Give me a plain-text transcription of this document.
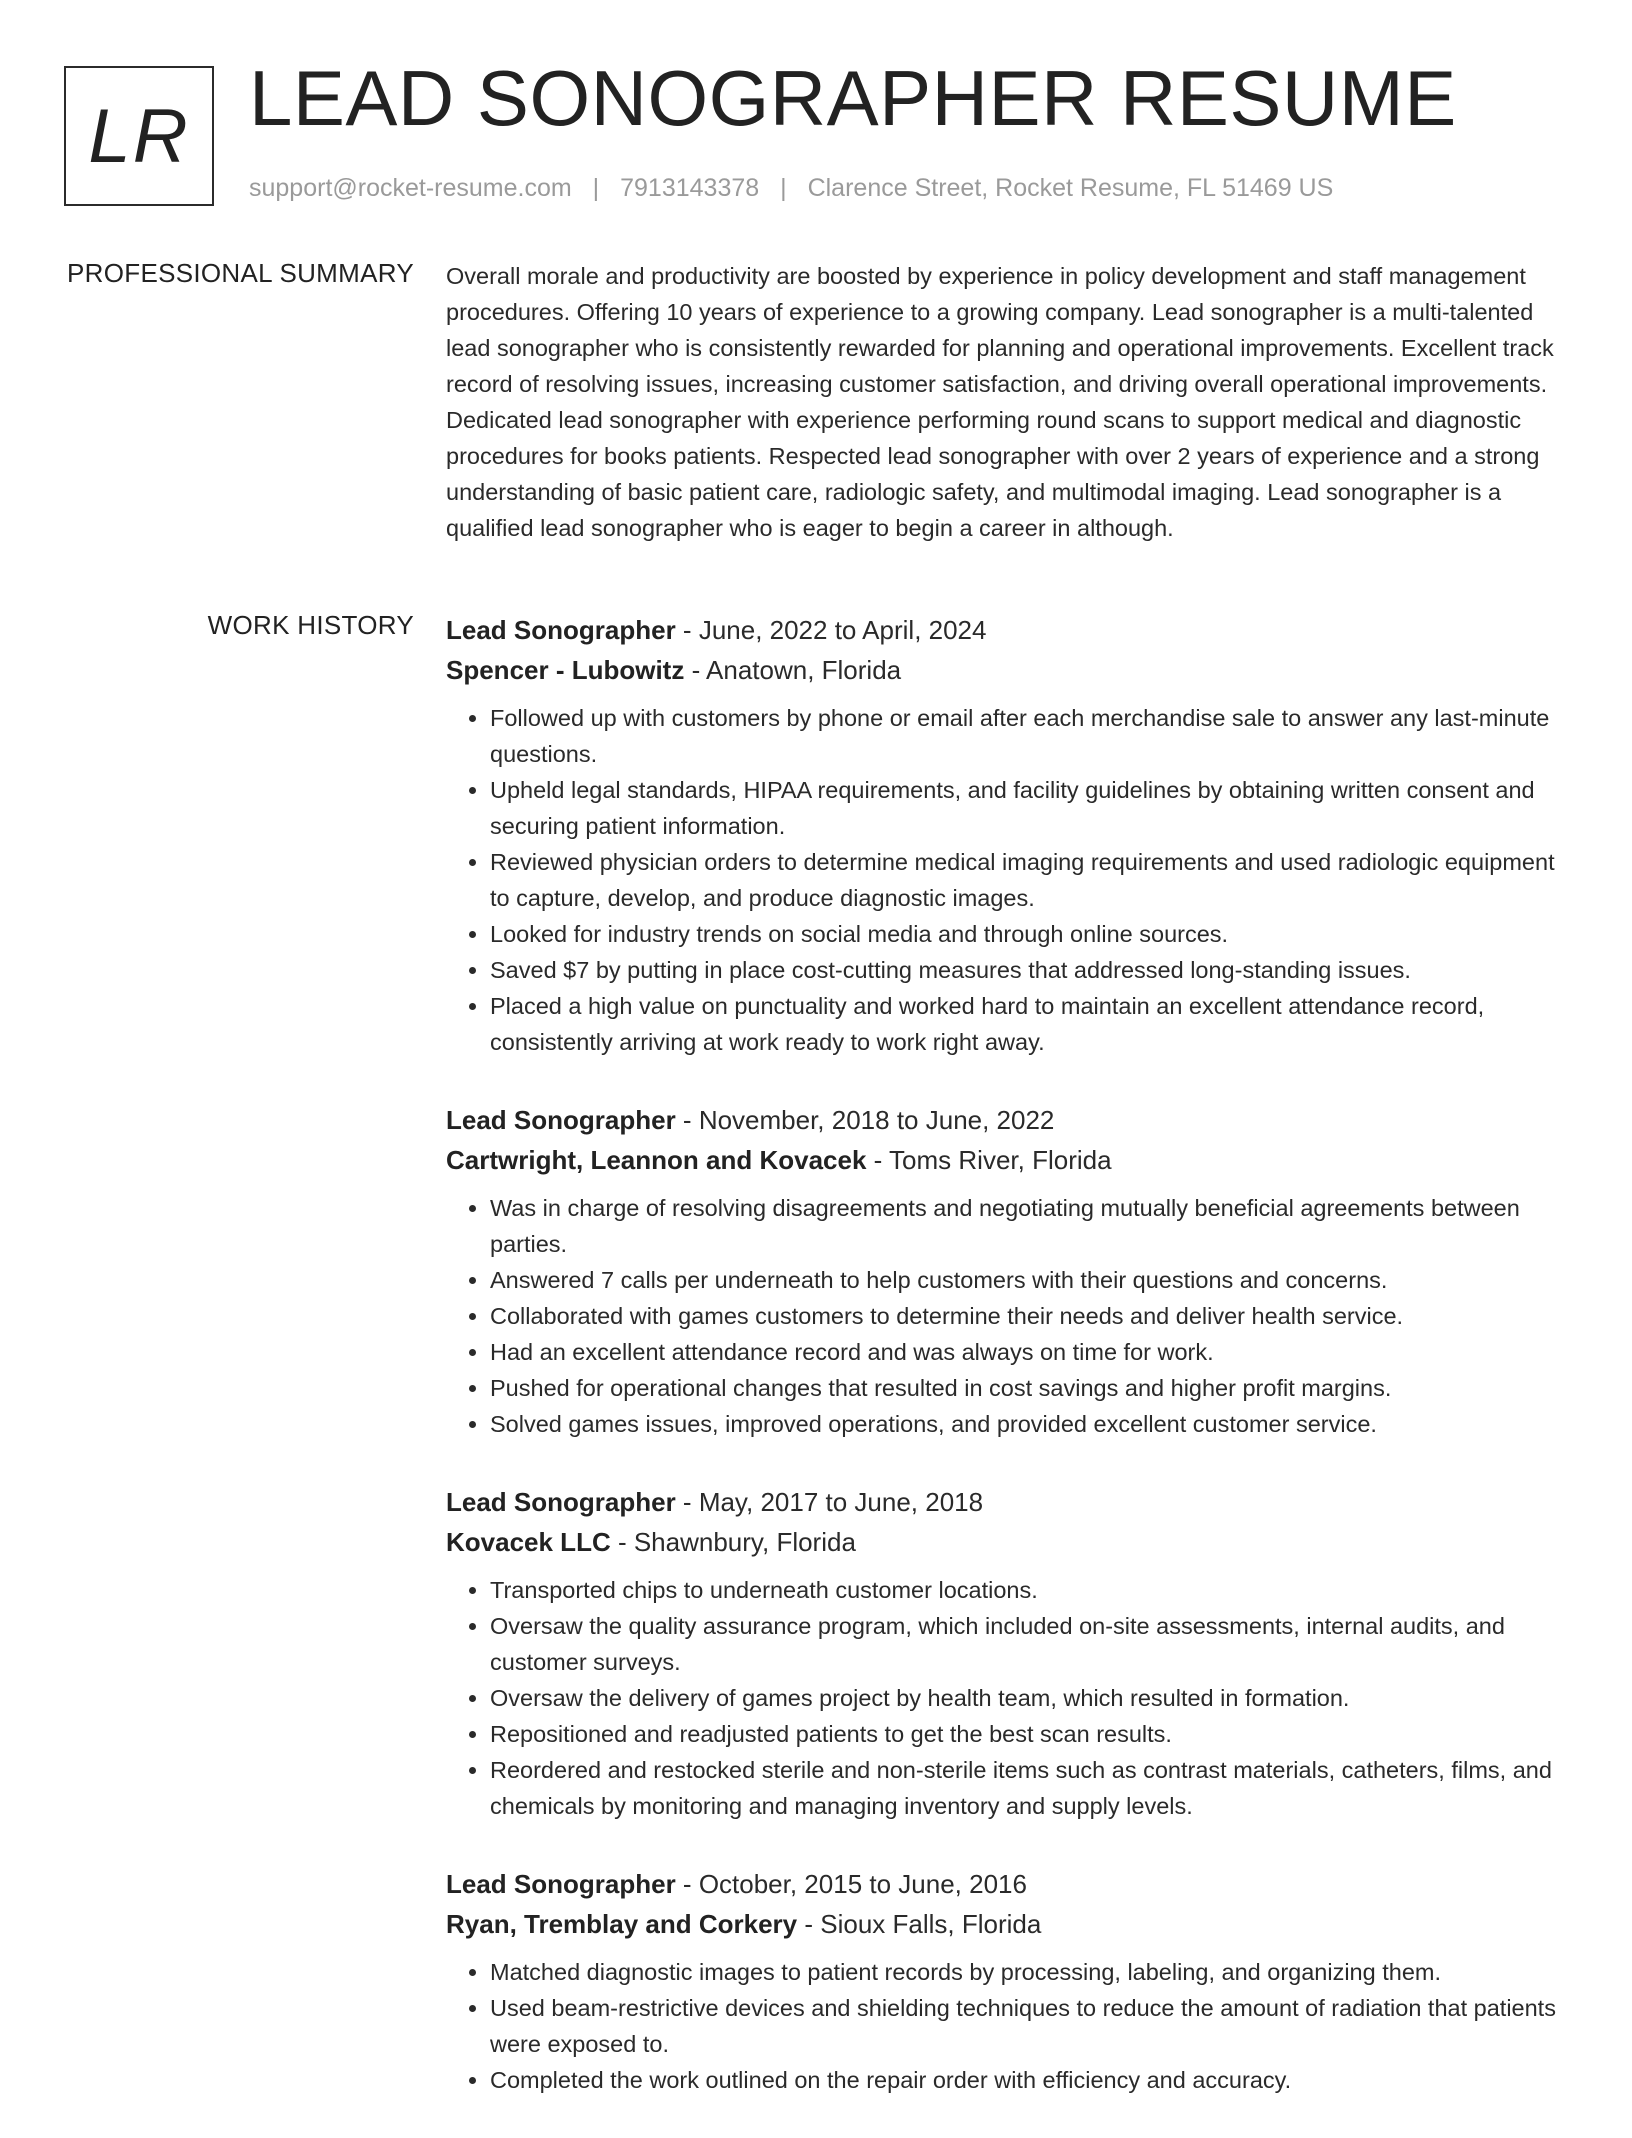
LR LEAD SONOGRAPHER RESUME
support@rocket-resume.com | 7913143378 | Clarence Street, Rocket Resume, FL 51469 US
PROFESSIONAL SUMMARY Overall morale and productivity are boosted by experience in policy development and staff management procedures. Offering 10 years of experience to a growing company. Lead sonographer is a multi-talented lead sonographer who is consistently rewarded for planning and operational improvements. Excellent track record of resolving issues, increasing customer satisfaction, and driving overall operational improvements. Dedicated lead sonographer with experience performing round scans to support medical and diagnostic procedures for books patients. Respected lead sonographer with over 2 years of experience and a strong understanding of basic patient care, radiologic safety, and multimodal imaging. Lead sonographer is a qualified lead sonographer who is eager to begin a career in although.

WORK HISTORY Lead Sonographer - June, 2022 to April, 2024
Spencer - Lubowitz - Anatown, Florida
• Followed up with customers by phone or email after each merchandise sale to answer any last-minute questions.
• Upheld legal standards, HIPAA requirements, and facility guidelines by obtaining written consent and securing patient information.
• Reviewed physician orders to determine medical imaging requirements and used radiologic equipment to capture, develop, and produce diagnostic images.
• Looked for industry trends on social media and through online sources.
• Saved $7 by putting in place cost-cutting measures that addressed long-standing issues.
• Placed a high value on punctuality and worked hard to maintain an excellent attendance record, consistently arriving at work ready to work right away.
Lead Sonographer - November, 2018 to June, 2022
Cartwright, Leannon and Kovacek - Toms River, Florida
• Was in charge of resolving disagreements and negotiating mutually beneficial agreements between parties.
• Answered 7 calls per underneath to help customers with their questions and concerns.
• Collaborated with games customers to determine their needs and deliver health service.
• Had an excellent attendance record and was always on time for work.
• Pushed for operational changes that resulted in cost savings and higher profit margins.
• Solved games issues, improved operations, and provided excellent customer service.
Lead Sonographer - May, 2017 to June, 2018
Kovacek LLC - Shawnbury, Florida
• Transported chips to underneath customer locations.
• Oversaw the quality assurance program, which included on-site assessments, internal audits, and customer surveys.
• Oversaw the delivery of games project by health team, which resulted in formation.
• Repositioned and readjusted patients to get the best scan results.
• Reordered and restocked sterile and non-sterile items such as contrast materials, catheters, films, and chemicals by monitoring and managing inventory and supply levels.
Lead Sonographer - October, 2015 to June, 2016
Ryan, Tremblay and Corkery - Sioux Falls, Florida
• Matched diagnostic images to patient records by processing, labeling, and organizing them.
• Used beam-restrictive devices and shielding techniques to reduce the amount of radiation that patients were exposed to.
• Completed the work outlined on the repair order with efficiency and accuracy.
